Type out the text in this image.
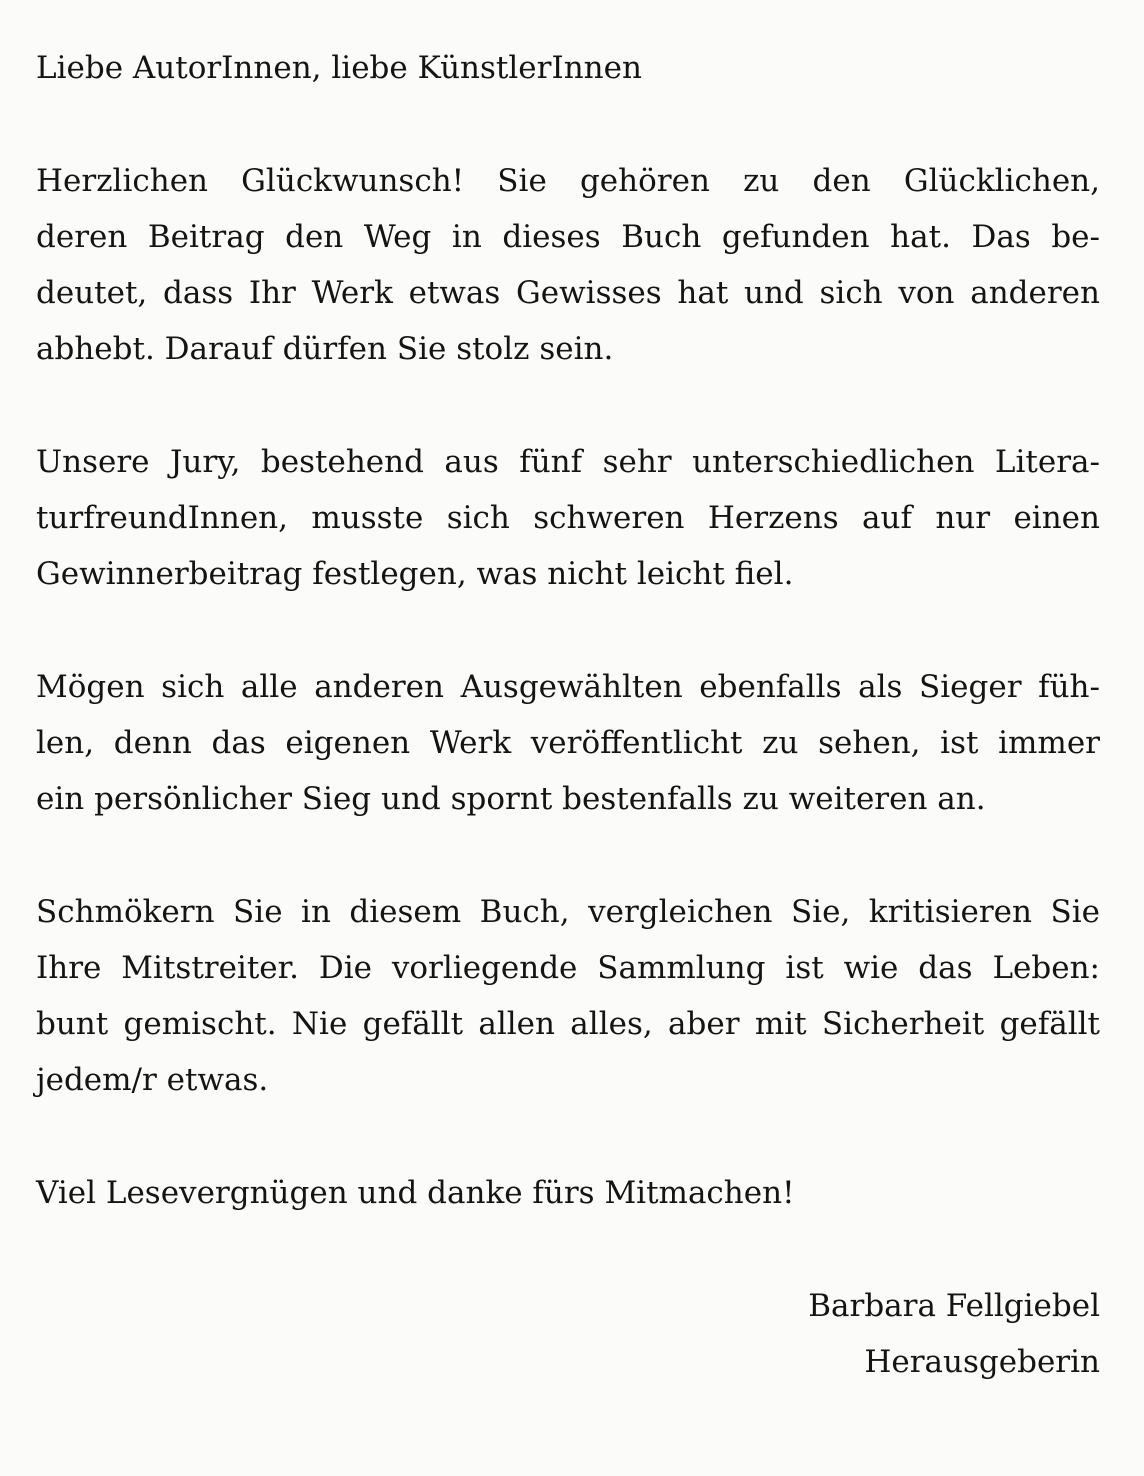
Liebe AutorInnen, liebe KünstlerInnen
Herzlichen Glückwunsch! Sie gehören zu den Glücklichen,
deren Beitrag den Weg in dieses Buch gefunden hat. Das be-
deutet, dass Ihr Werk etwas Gewisses hat und sich von anderen
abhebt. Darauf dürfen Sie stolz sein.
Unsere Jury, bestehend aus fünf sehr unterschiedlichen Litera-
turfreundInnen, musste sich schweren Herzens auf nur einen
Gewinnerbeitrag festlegen, was nicht leicht fiel.
Mögen sich alle anderen Ausgewählten ebenfalls als Sieger füh-
len, denn das eigenen Werk veröffentlicht zu sehen, ist immer
ein persönlicher Sieg und spornt bestenfalls zu weiteren an.
Schmökern Sie in diesem Buch, vergleichen Sie, kritisieren Sie
Ihre Mitstreiter. Die vorliegende Sammlung ist wie das Leben:
bunt gemischt. Nie gefällt allen alles, aber mit Sicherheit gefällt
jedem/r etwas.
Viel Lesevergnügen und danke fürs Mitmachen!
Barbara Fellgiebel
Herausgeberin
